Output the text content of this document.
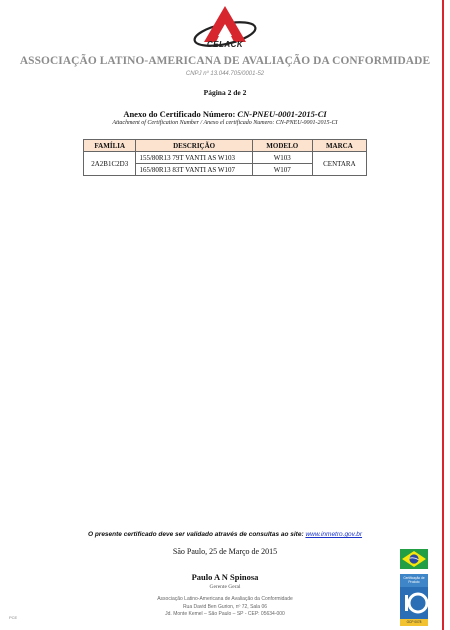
CELACK
ASSOCIAÇÃO LATINO-AMERICANA DE AVALIAÇÃO DA CONFORMIDADE
CNPJ nº 13.044.705/0001-52
Página 2 de 2
Anexo do Certificado Número: CN-PNEU-0001-2015-CI
Attachment of Certification Number / Anexo el certificado Numero: CN-PNEU-0001-2015-CI
FAMÍLIA	DESCRIÇÃO	MODELO	MARCA
2A2B1C2D3	155/80R13 79T VANTI AS W103	W103	CENTARA
	165/80R13 83T VANTI AS W107	W107	
O presente certificado deve ser validado através de consultas ao site: www.inmetro.gov.br
São Paulo, 25 de Março de 2015
Paulo A N Spinosa
Gerente Geral
Associação Latino-Americana de Avaliação da Conformidade
Rua David Ben Gurion, nº 72, Sala 06
Jd. Monte Kemel – São Paulo – SP - CEP: 05634-000
PCE
Certificação de Produto
OCP 0078
